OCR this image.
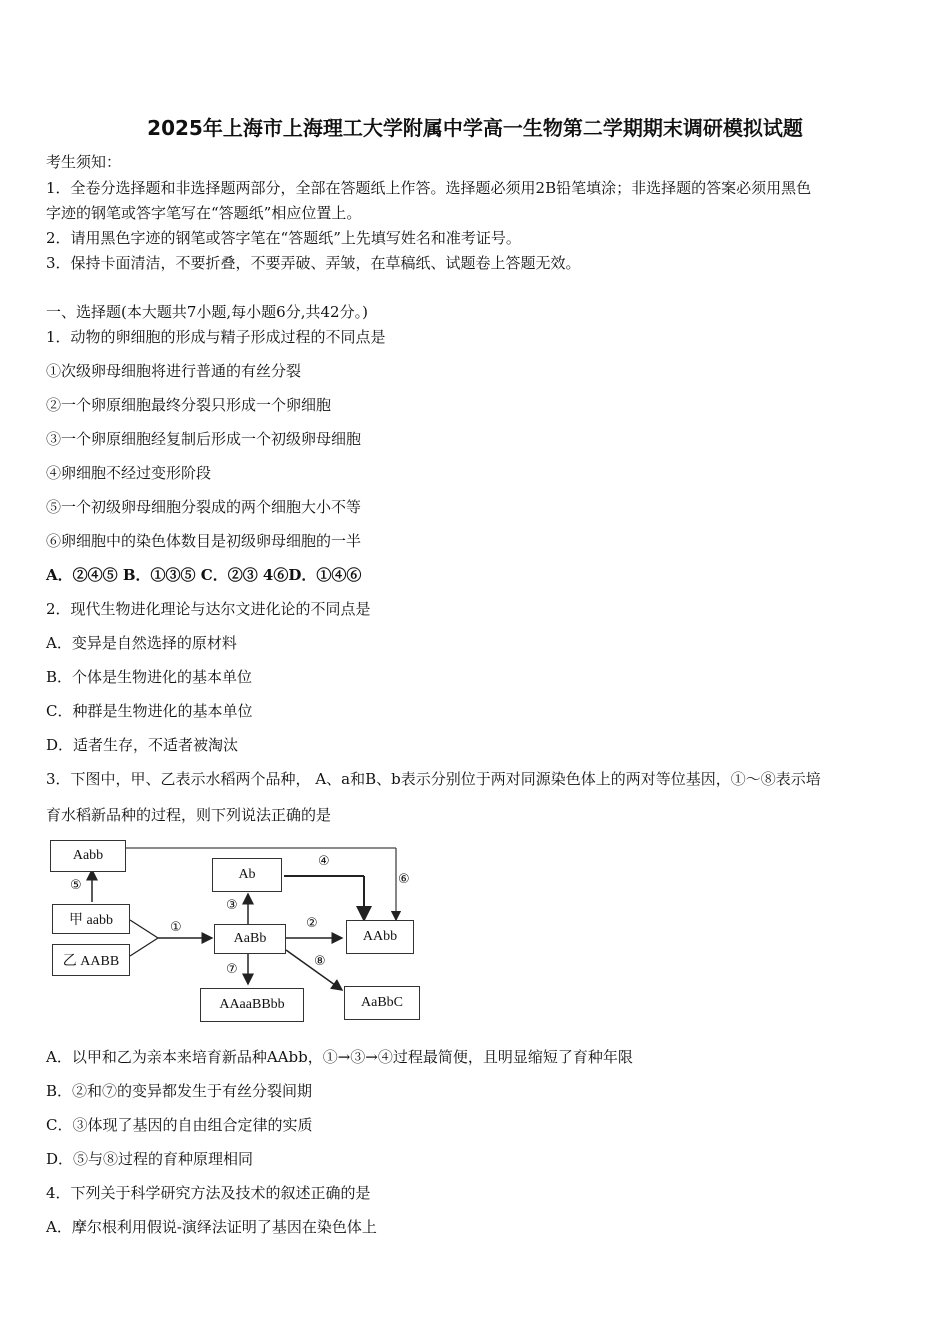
2025年上海市上海理工大学附属中学高一生物第二学期期末调研模拟试题
考生须知：
1．全卷分选择题和非选择题两部分，全部在答题纸上作答。选择题必须用2B铅笔填涂；非选择题的答案必须用黑色
字迹的钢笔或答字笔写在“答题纸”相应位置上。
2．请用黑色字迹的钢笔或答字笔在“答题纸”上先填写姓名和准考证号。
3．保持卡面清洁，不要折叠，不要弄破、弄皱，在草稿纸、试题卷上答题无效。
一、选择题(本大题共7小题,每小题6分,共42分。)
1．动物的卵细胞的形成与精子形成过程的不同点是
①次级卵母细胞将进行普通的有丝分裂
②一个卵原细胞最终分裂只形成一个卵细胞
③一个卵原细胞经复制后形成一个初级卵母细胞
④卵细胞不经过变形阶段
⑤一个初级卵母细胞分裂成的两个细胞大小不等
⑥卵细胞中的染色体数目是初级卵母细胞的一半
A．②④⑤ B．①③⑤ C．②③ 4⑥D．①④⑥
2．现代生物进化理论与达尔文进化论的不同点是
A．变异是自然选择的原材料
B．个体是生物进化的基本单位
C．种群是生物进化的基本单位
D．适者生存，不适者被淘汰
3．下图中，甲、乙表示水稻两个品种， A、a和B、b表示分别位于两对同源染色体上的两对等位基因，①～⑧表示培
育水稻新品种的过程，则下列说法正确的是
Aabb
甲 aabb
乙 AABB
Ab
AaBb	AAbb
AAaaBBbb	AaBbC
⑤
①	②
③
④
⑥
⑦
⑧
A．以甲和乙为亲本来培育新品种AAbb，①→③→④过程最简便，且明显缩短了育种年限
B．②和⑦的变异都发生于有丝分裂间期
C．③体现了基因的自由组合定律的实质
D．⑤与⑧过程的育种原理相同
4．下列关于科学研究方法及技术的叙述正确的是
A．摩尔根利用假说-演绎法证明了基因在染色体上
